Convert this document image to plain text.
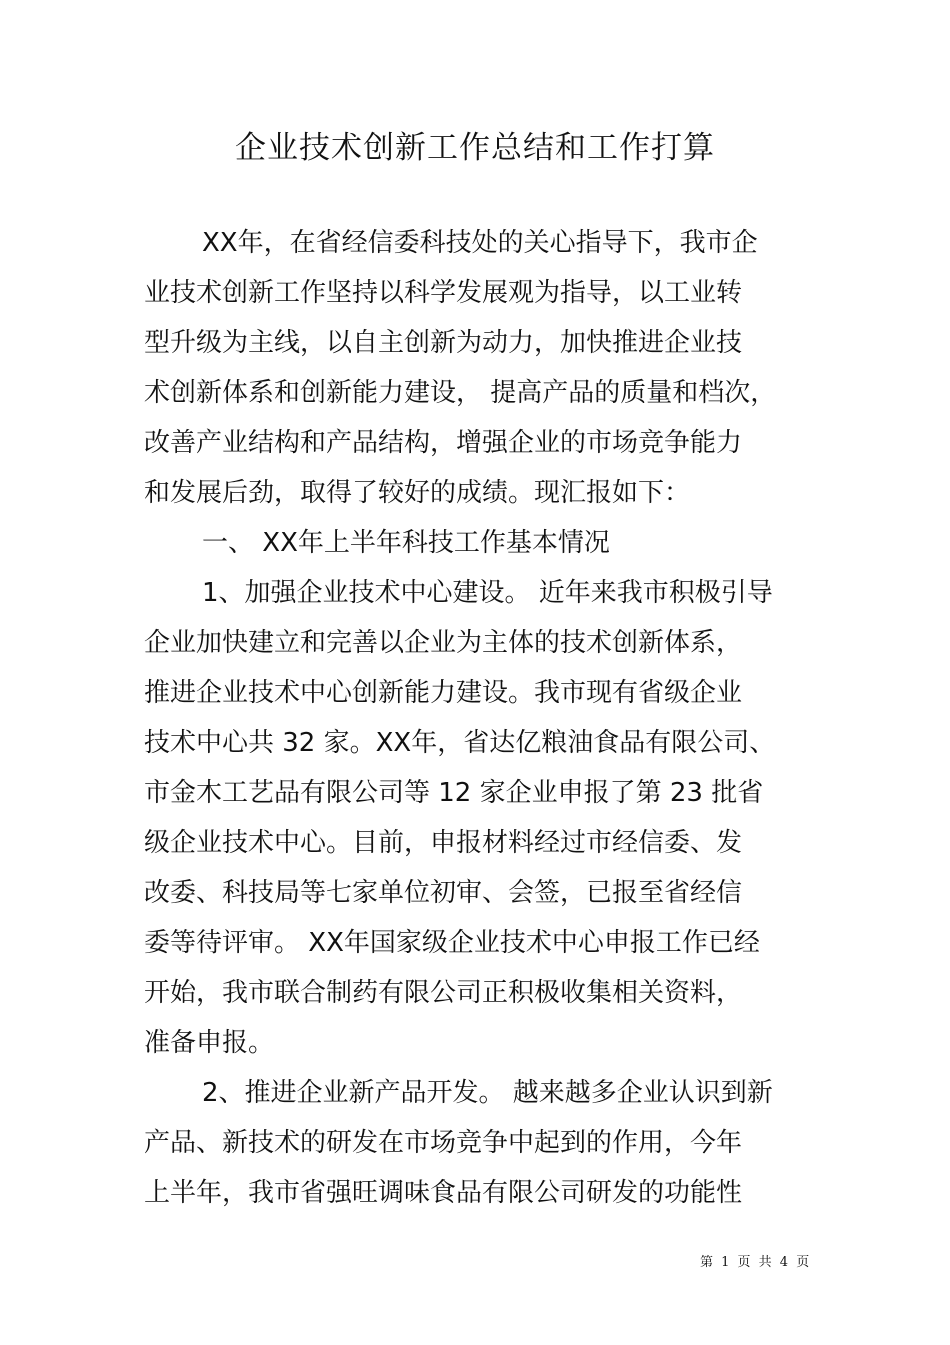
企业技术创新工作总结和工作打算

XX年，在省经信委科技处的关心指导下，我市企

业技术创新工作坚持以科学发展观为指导，以工业转

型升级为主线，以自主创新为动力，加快推进企业技

术创新体系和创新能力建设， 提高产品的质量和档次，

改善产业结构和产品结构，增强企业的市场竞争能力

和发展后劲，取得了较好的成绩。现汇报如下：

一、 XX年上半年科技工作基本情况

1、加强企业技术中心建设。 近年来我市积极引导

企业加快建立和完善以企业为主体的技术创新体系，

推进企业技术中心创新能力建设。我市现有省级企业

技术中心共 32 家。XX年，省达亿粮油食品有限公司、

市金木工艺品有限公司等 12 家企业申报了第 23 批省

级企业技术中心。目前，申报材料经过市经信委、发

改委、科技局等七家单位初审、会签，已报至省经信

委等待评审。 XX年国家级企业技术中心申报工作已经

开始，我市联合制药有限公司正积极收集相关资料，

准备申报。

2、推进企业新产品开发。 越来越多企业认识到新

产品、新技术的研发在市场竞争中起到的作用，今年

上半年，我市省强旺调味食品有限公司研发的功能性

第 1 页 共 4 页
